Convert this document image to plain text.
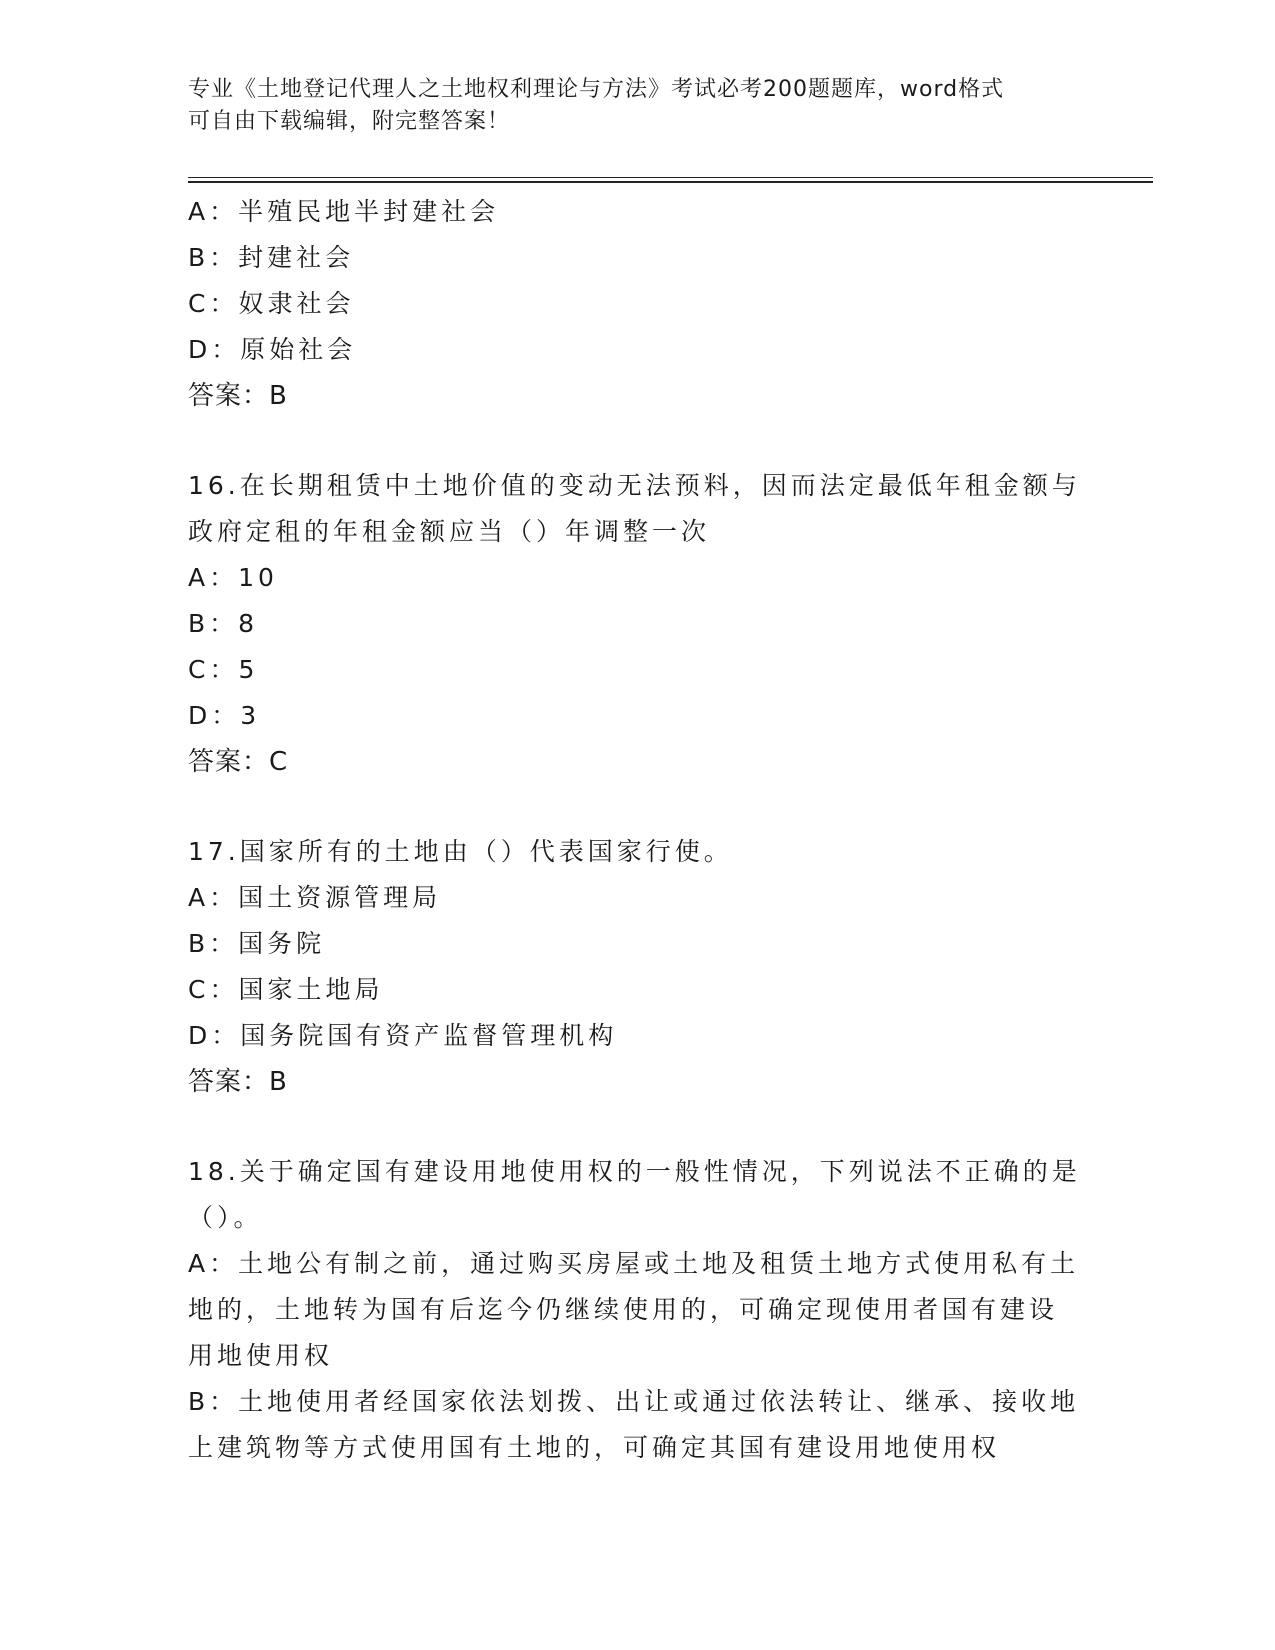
专业《土地登记代理人之土地权利理论与方法》考试必考200题题库，word格式
可自由下载编辑，附完整答案！
A：半殖民地半封建社会
B：封建社会
C：奴隶社会
D：原始社会
答案：B
16.在长期租赁中土地价值的变动无法预料，因而法定最低年租金额与
政府定租的年租金额应当（）年调整一次
A：10
B：8
C：5
D：3
答案：C
17.国家所有的土地由（）代表国家行使。
A：国土资源管理局
B：国务院
C：国家土地局
D：国务院国有资产监督管理机构
答案：B
18.关于确定国有建设用地使用权的一般性情况，下列说法不正确的是
（）。
A：土地公有制之前，通过购买房屋或土地及租赁土地方式使用私有土
地的，土地转为国有后迄今仍继续使用的，可确定现使用者国有建设
用地使用权
B：土地使用者经国家依法划拨、出让或通过依法转让、继承、接收地
上建筑物等方式使用国有土地的，可确定其国有建设用地使用权
